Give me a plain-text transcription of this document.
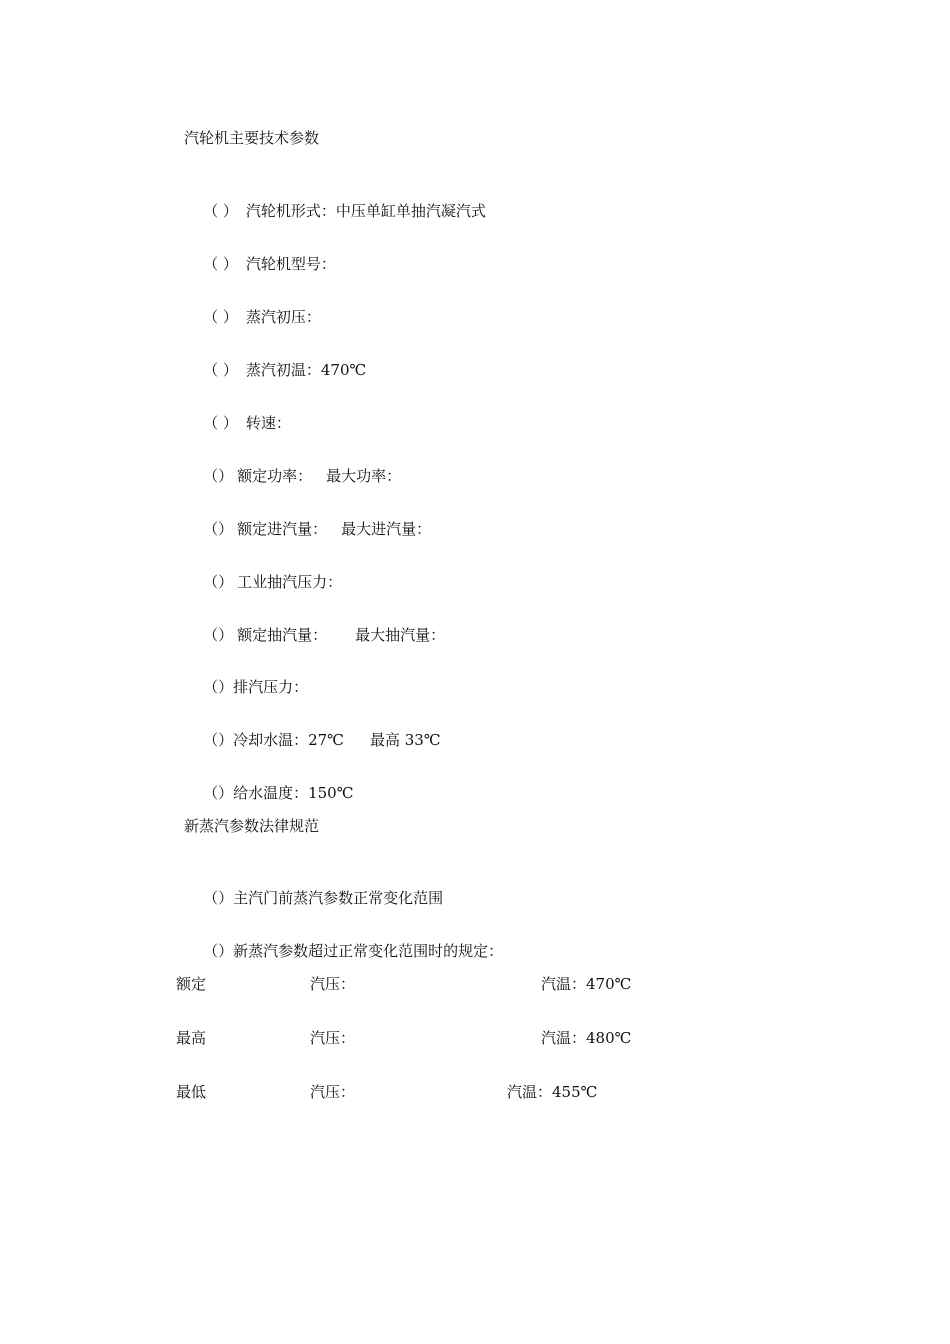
汽轮机主要技术参数

（ ） 汽轮机形式：中压单缸单抽汽凝汽式

（ ） 汽轮机型号：

（ ） 蒸汽初压：

（ ） 蒸汽初温：470℃

（ ） 转速：

（） 额定功率： 最大功率：

（） 额定进汽量： 最大进汽量：

（） 工业抽汽压力：

（） 额定抽汽量： 最大抽汽量：

（）排汽压力：

（）冷却水温：27℃ 最高 33℃

（）给水温度：150℃

新蒸汽参数法律规范

（）主汽门前蒸汽参数正常变化范围

（）新蒸汽参数超过正常变化范围时的规定：

额定	汽压：	汽温：470℃
最高	汽压：	汽温：480℃
最低	汽压：	汽温：455℃
